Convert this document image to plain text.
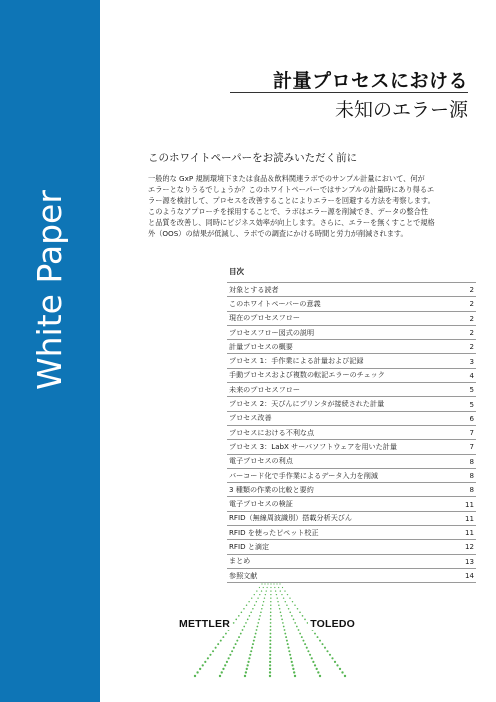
White Paper
計量プロセスにおける
未知のエラー源
このホワイトペーパーをお読みいただく前に
一般的な GxP 規制環境下または食品＆飲料関連ラボでのサンプル計量において、何が
エラーとなりうるでしょうか？このホワイトペーパーではサンプルの計量時にあり得るエ
ラー源を検討して、プロセスを改善することによりエラーを回避する方法を考察します。
このようなアプローチを採用することで、ラボはエラー源を削減でき、データの整合性
と品質を改善し、同時にビジネス効率が向上します。さらに、エラーを無くすことで規格
外（OOS）の結果が低減し、ラボでの調査にかける時間と労力が削減されます。
目次
対象とする読者	2
このホワイトペーパーの意義	2
現在のプロセスフロー	2
プロセスフロー図式の説明	2
計量プロセスの概要	2
プロセス 1：手作業による計量および記録	3
手動プロセスおよび複数の転記エラーのチェック	4
未来のプロセスフロー	5
プロセス 2：天びんにプリンタが接続された計量	5
プロセス改善	6
プロセスにおける不利な点	7
プロセス 3：LabX サーバソフトウェアを用いた計量	7
電子プロセスの利点	8
バーコード化で手作業によるデータ入力を削減	8
3 種類の作業の比較と要約	8
電子プロセスの検証	11
RFID（無線周波識別）搭載分析天びん	11
RFID を使ったピペット校正	11
RFID と滴定	12
まとめ	13
参照文献	14
METTLER	TOLEDO
